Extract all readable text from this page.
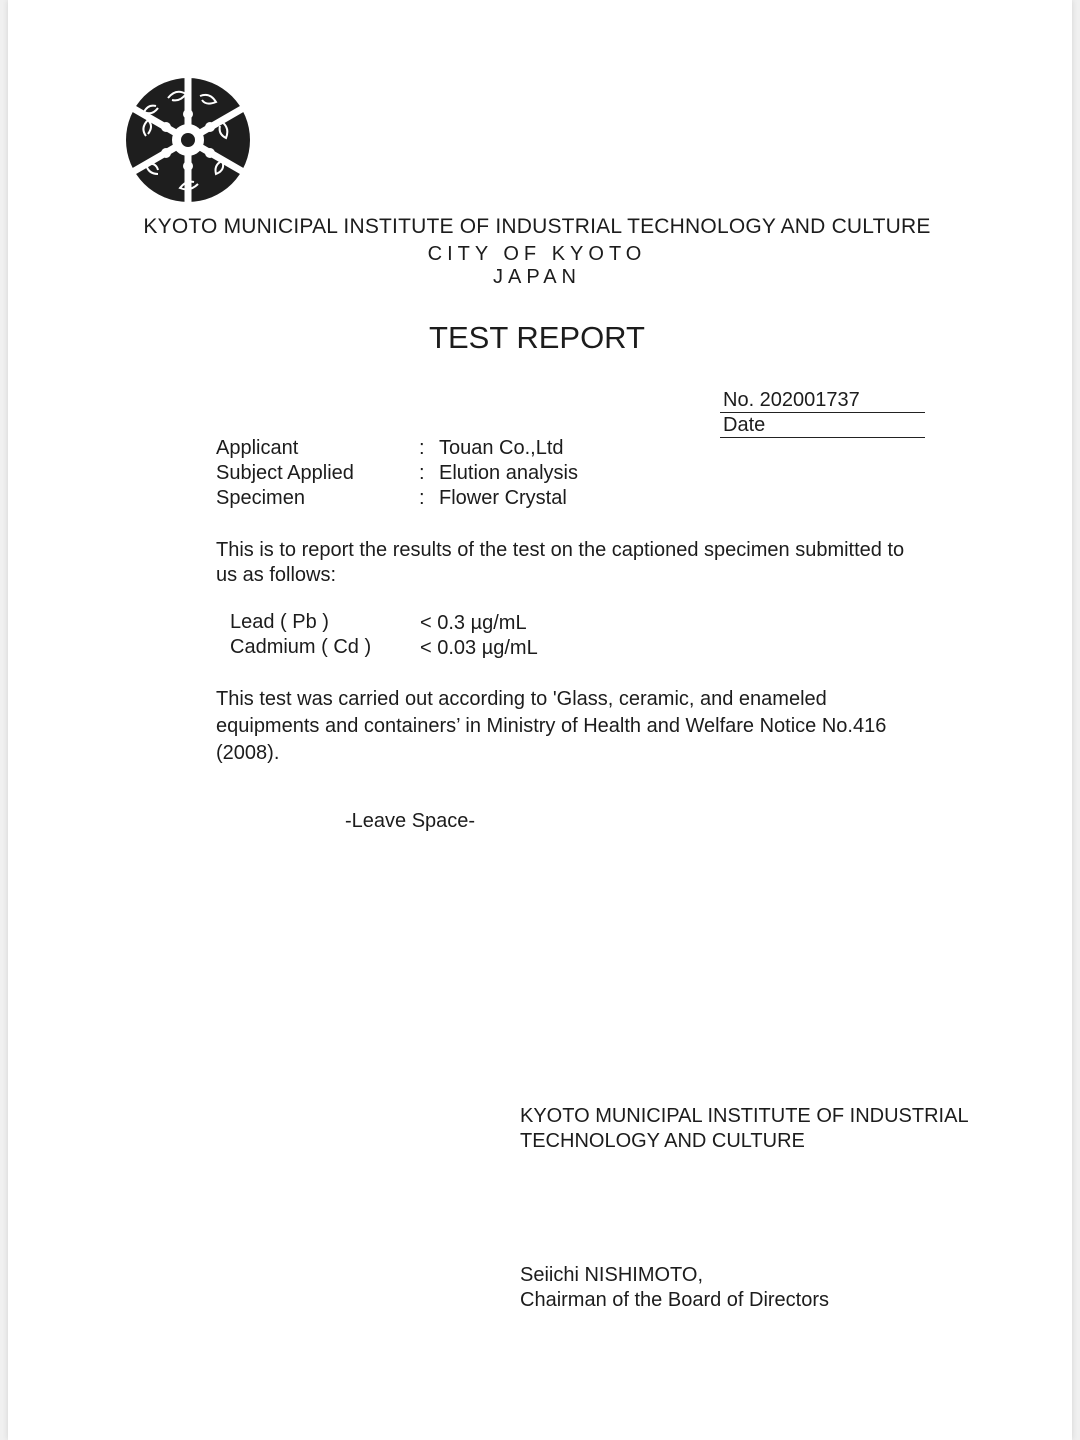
KYOTO MUNICIPAL INSTITUTE OF INDUSTRIAL TECHNOLOGY AND CULTURE
CITY OF KYOTO
JAPAN
TEST REPORT
No. 202001737
Date
Applicant	: Touan Co.,Ltd
Subject Applied	: Elution analysis
Specimen	: Flower Crystal
This is to report the results of the test on the captioned specimen submitted to us as follows:
Lead ( Pb )	< 0.3 µg/mL
Cadmium ( Cd ) < 0.03 µg/mL
This test was carried out according to 'Glass, ceramic, and enameled equipments and containers’ in Ministry of Health and Welfare Notice No.416 (2008).
-Leave Space-
KYOTO MUNICIPAL INSTITUTE OF INDUSTRIAL TECHNOLOGY AND CULTURE
Seiichi NISHIMOTO,
Chairman of the Board of Directors
